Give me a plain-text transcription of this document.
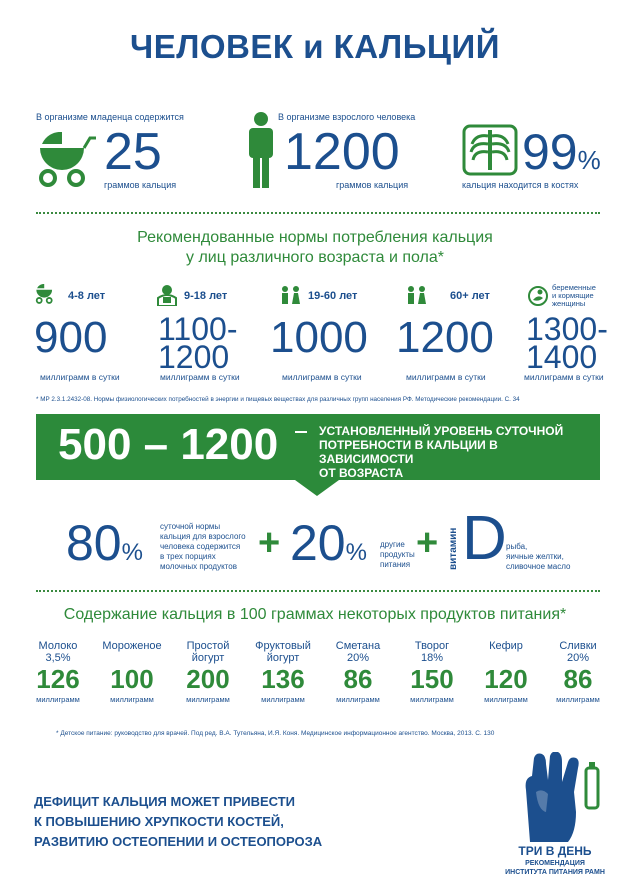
ЧЕЛОВЕК и КАЛЬЦИЙ
В организме младенца содержится
25
граммов кальция
В организме взрослого человека
1200
граммов кальция
99%
кальция находится в костях
Рекомендованные нормы потребления кальция
у лиц различного возраста и пола*
4-8 лет
900
миллиграмм в сутки
9-18 лет
1100-
1200
миллиграмм в сутки
19-60 лет
1000
миллиграмм в сутки
60+ лет
1200
миллиграмм в сутки
беременные
и кормящие
женщины
1300-
1400
миллиграмм в сутки
* МР 2.3.1.2432-08. Нормы физиологических потребностей в энергии и пищевых веществах для различных групп населения РФ. Методические рекомендации. С. 34
500 – 1200	УСТАНОВЛЕННЫЙ УРОВЕНЬ СУТОЧНОЙ
ПОТРЕБНОСТИ В КАЛЬЦИИ В ЗАВИСИМОСТИ
ОТ ВОЗРАСТА
80%
суточной нормы
кальция для взрослого
человека содержится
в трех порциях
молочных продуктов
+ 20% другие
продукты
питания
+ витамин D рыба,
яичные желтки,
сливочное масло
Содержание кальция в 100 граммах некоторых продуктов питания*
Молоко
3,5%
126
миллиграмм
Мороженое
100
миллиграмм
Простой
йогурт
200
миллиграмм
Фруктовый
йогурт
136
миллиграмм
Сметана
20%
86
миллиграмм
Творог
18%
150
миллиграмм
Кефир
120
миллиграмм
Сливки
20%
86
миллиграмм
* Детское питание: руководство для врачей. Под ред. В.А. Тутельяна, И.Я. Коня. Медицинское информационное агентство. Москва, 2013. С. 130
ДЕФИЦИТ КАЛЬЦИЯ МОЖЕТ ПРИВЕСТИ
К ПОВЫШЕНИЮ ХРУПКОСТИ КОСТЕЙ,
РАЗВИТИЮ ОСТЕОПЕНИИ И ОСТЕОПОРОЗА
ТРИ В ДЕНЬ
РЕКОМЕНДАЦИЯ
ИНСТИТУТА ПИТАНИЯ РАМН
